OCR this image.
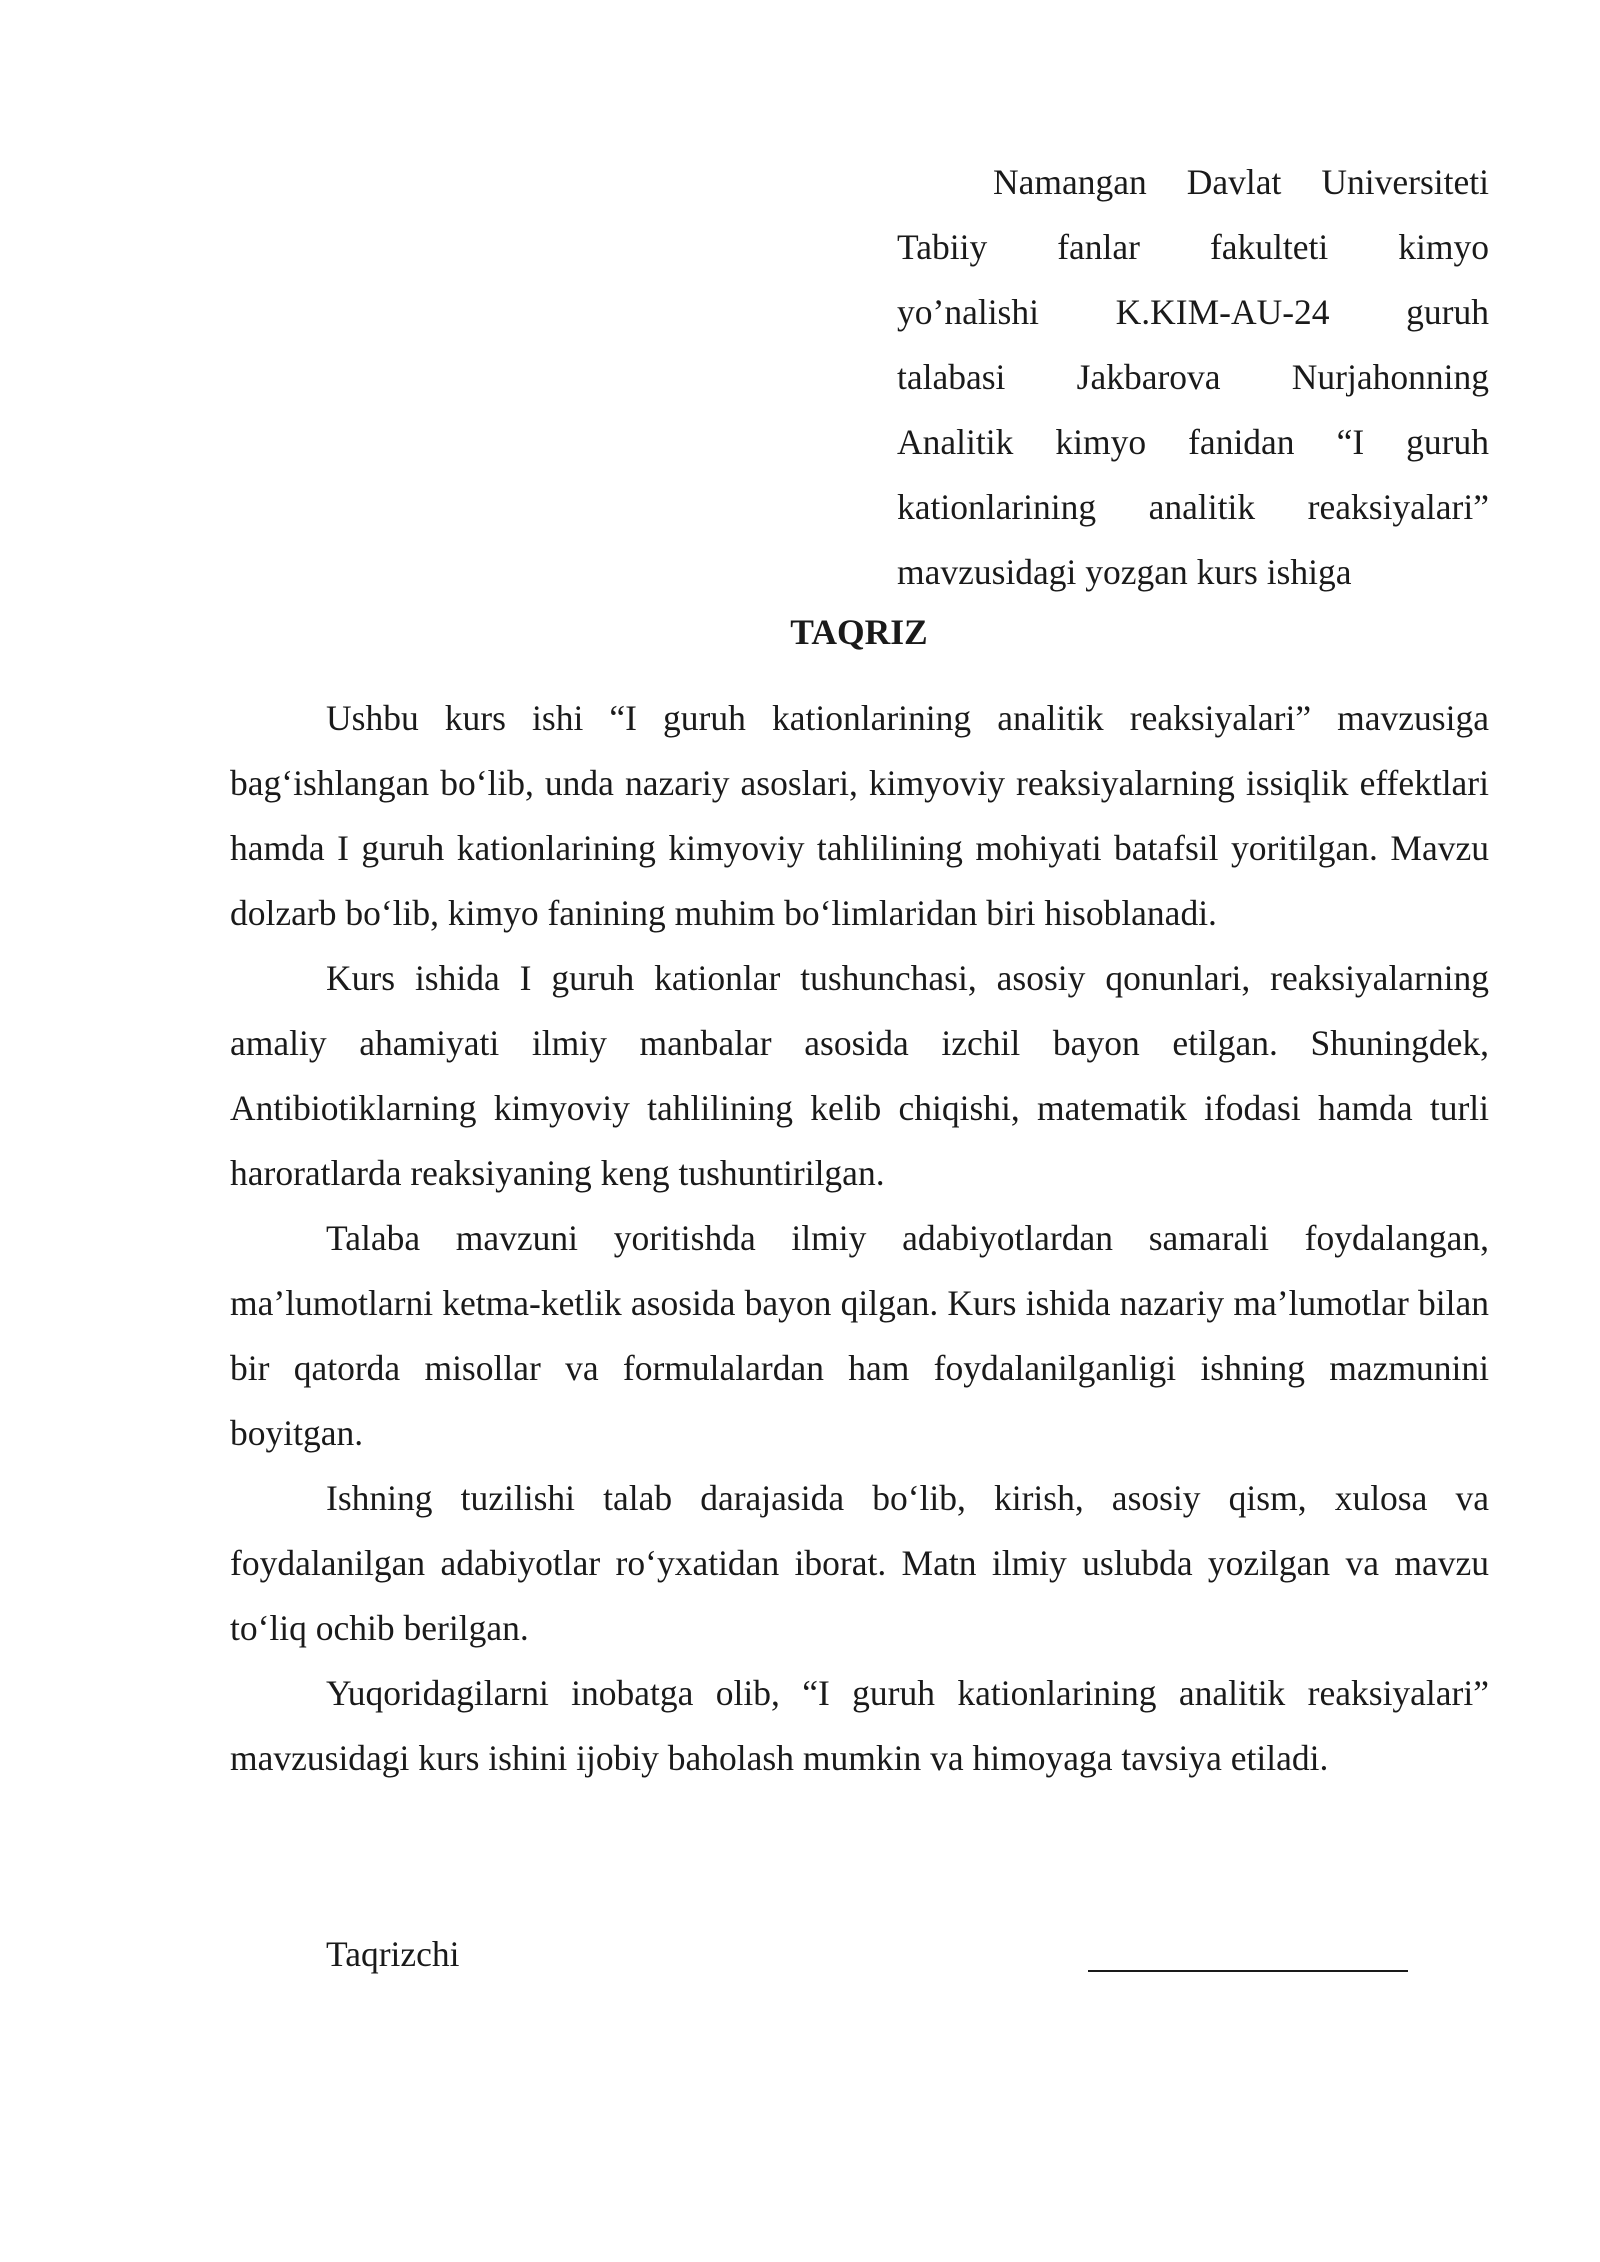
Namangan Davlat Universiteti
Tabiiy fanlar fakulteti kimyo
yo’nalishi K.KIM-AU-24 guruh
talabasi Jakbarova Nurjahonning
Analitik kimyo fanidan “I guruh
kationlarining analitik reaksiyalari”
mavzusidagi yozgan kurs ishiga
TAQRIZ

Ushbu kurs ishi “I guruh kationlarining analitik reaksiyalari” mavzusiga bag‘ishlangan bo‘lib, unda nazariy asoslari, kimyoviy reaksiyalarning issiqlik effektlari hamda I guruh kationlarining kimyoviy tahlilining mohiyati batafsil yoritilgan. Mavzu dolzarb bo‘lib, kimyo fanining muhim bo‘limlaridan biri hisoblanadi.

Kurs ishida I guruh kationlar tushunchasi, asosiy qonunlari, reaksiyalarning amaliy ahamiyati ilmiy manbalar asosida izchil bayon etilgan. Shuningdek, Antibiotiklarning kimyoviy tahlilining kelib chiqishi, matematik ifodasi hamda turli haroratlarda reaksiyaning keng tushuntirilgan.

Talaba mavzuni yoritishda ilmiy adabiyotlardan samarali foydalangan, ma’lumotlarni ketma-ketlik asosida bayon qilgan. Kurs ishida nazariy ma’lumotlar bilan bir qatorda misollar va formulalardan ham foydalanilganligi ishning mazmunini boyitgan.

Ishning tuzilishi talab darajasida bo‘lib, kirish, asosiy qism, xulosa va foydalanilgan adabiyotlar ro‘yxatidan iborat. Matn ilmiy uslubda yozilgan va mavzu to‘liq ochib berilgan.

Yuqoridagilarni inobatga olib, “I guruh kationlarining analitik reaksiyalari” mavzusidagi kurs ishini ijobiy baholash mumkin va himoyaga tavsiya etiladi.

Taqrizchi
